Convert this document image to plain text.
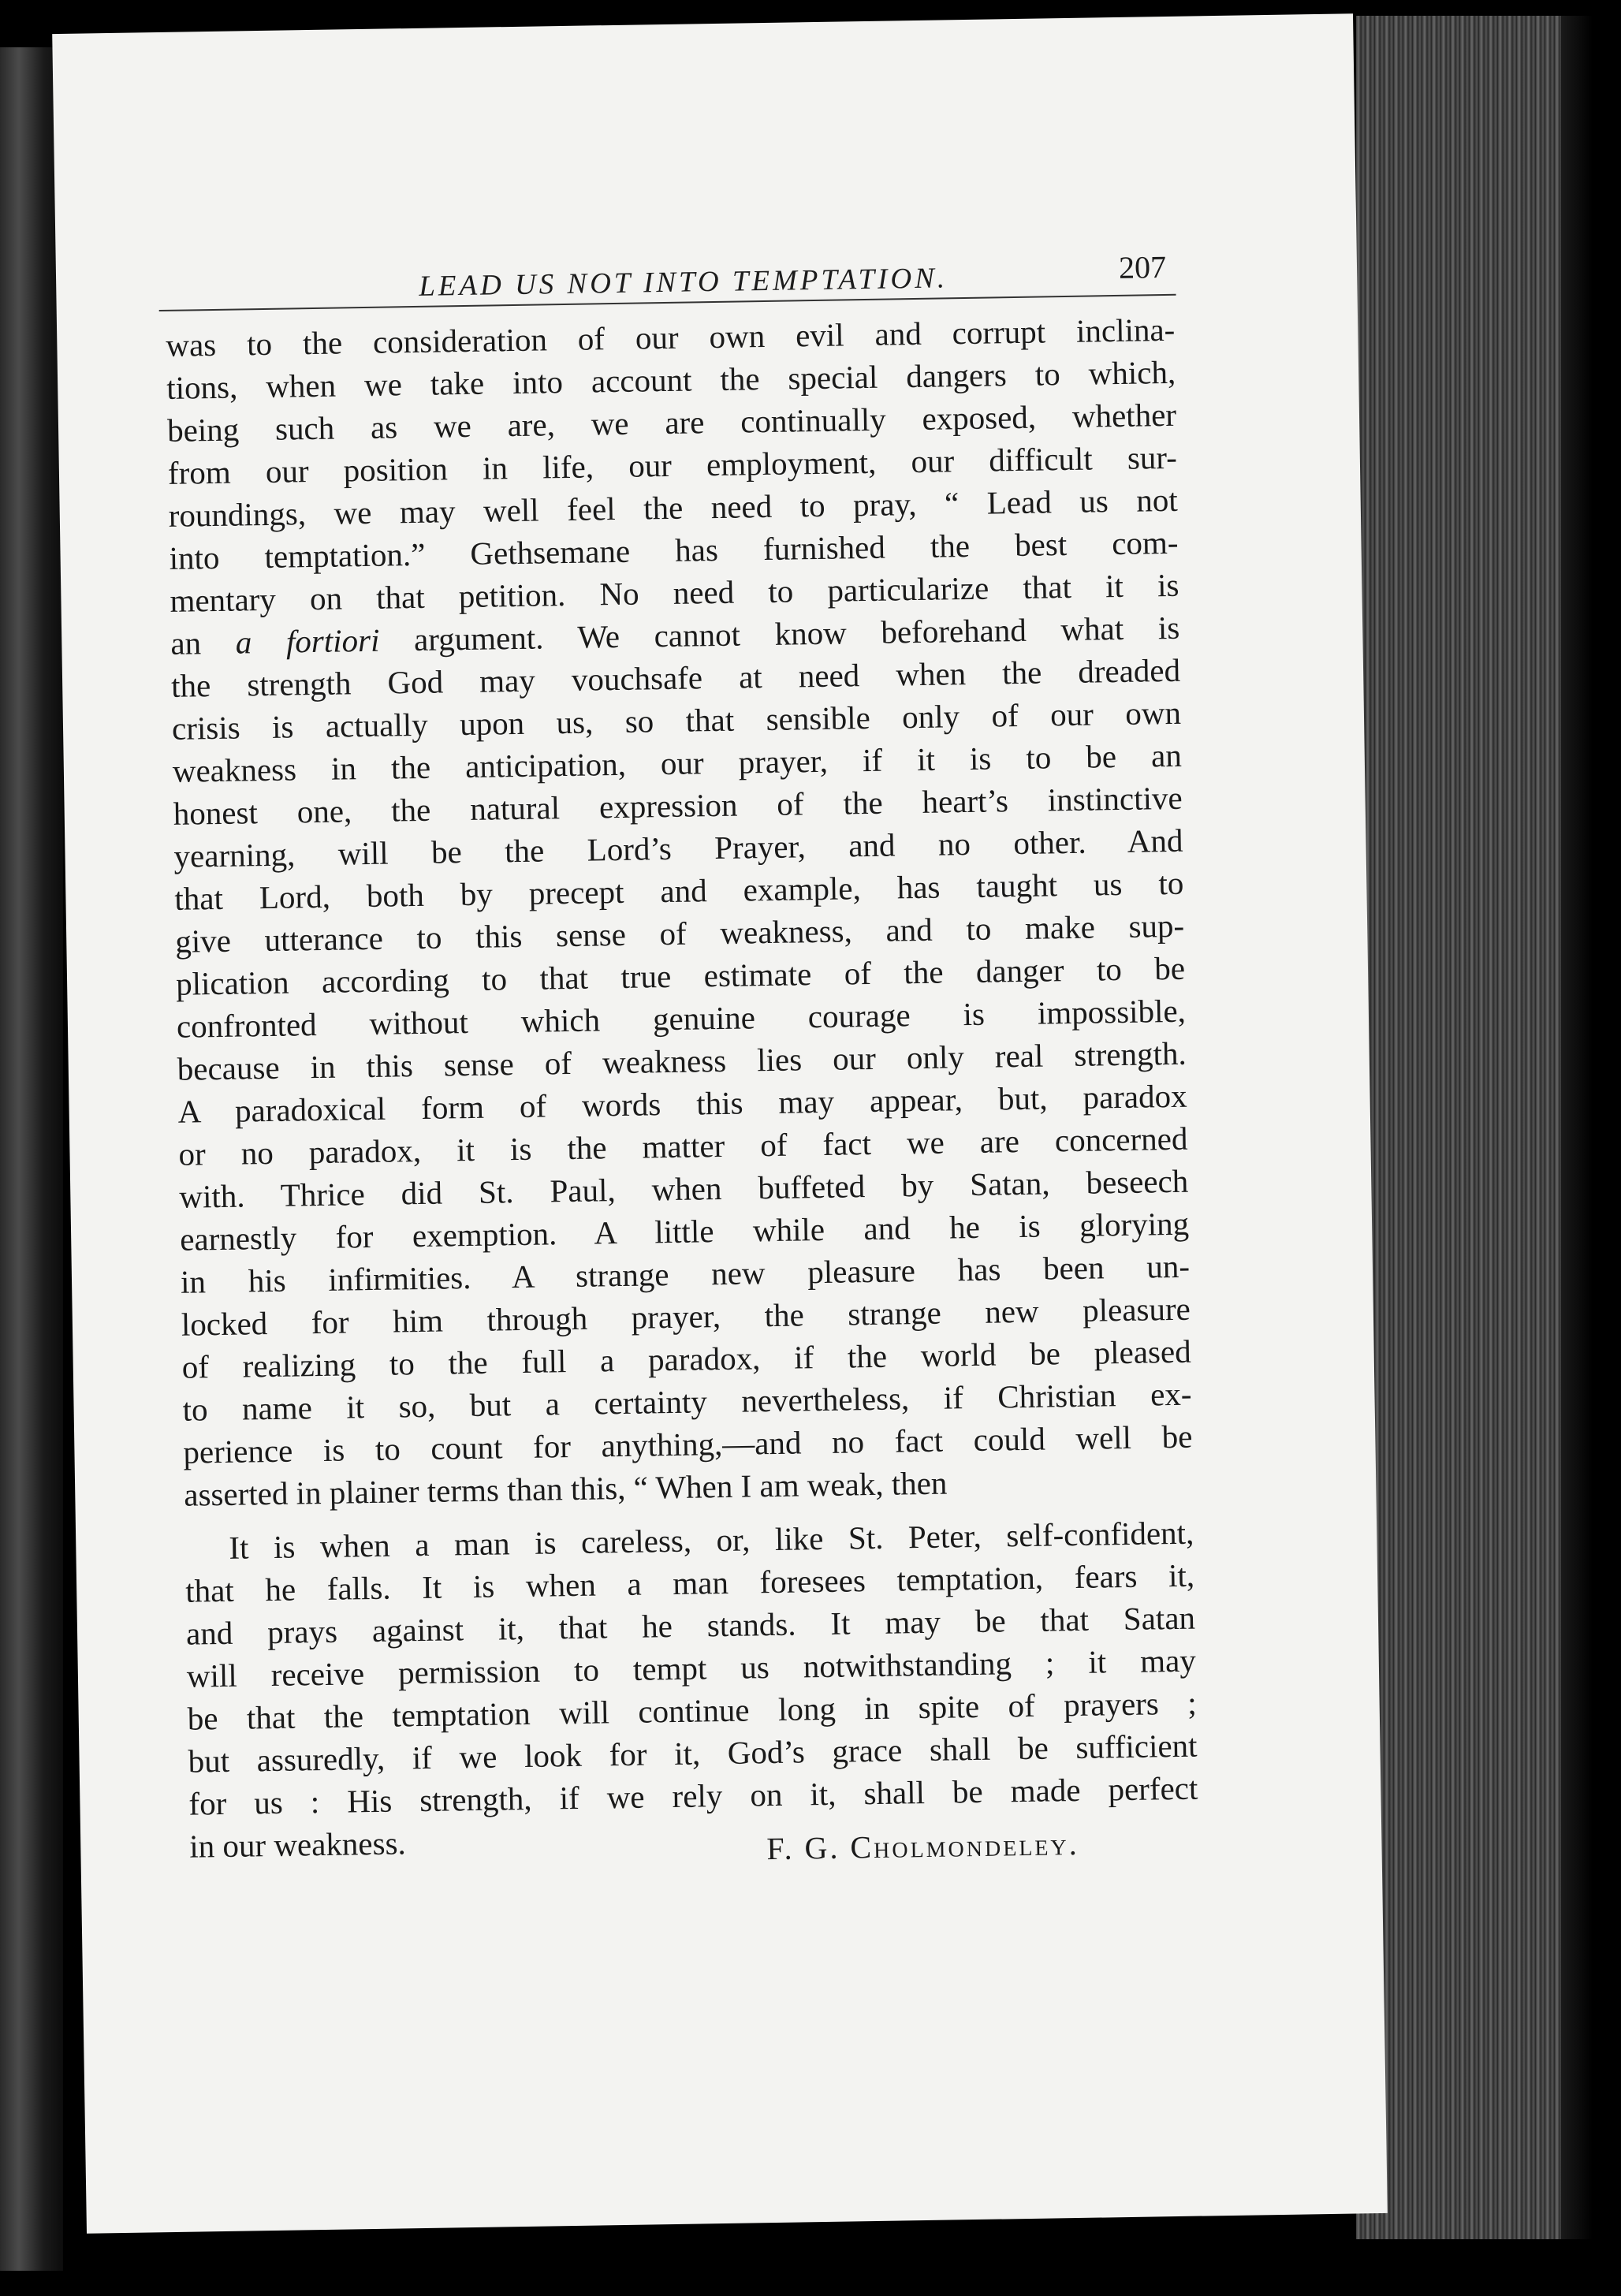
LEAD US NOT INTO TEMPTATION.	207
was to the consideration of our own evil and corrupt inclina-
tions, when we take into account the special dangers to which,
being such as we are, we are continually exposed, whether
from our position in life, our employment, our difficult sur-
roundings, we may well feel the need to pray, “ Lead us not
into temptation.” Gethsemane has furnished the best com-
mentary on that petition. No need to particularize that it is
an a fortiori argument. We cannot know beforehand what is
the strength God may vouchsafe at need when the dreaded
crisis is actually upon us, so that sensible only of our own
weakness in the anticipation, our prayer, if it is to be an
honest one, the natural expression of the heart’s instinctive
yearning, will be the Lord’s Prayer, and no other. And
that Lord, both by precept and example, has taught us to
give utterance to this sense of weakness, and to make sup-
plication according to that true estimate of the danger to be
confronted without which genuine courage is impossible,
because in this sense of weakness lies our only real strength.
A paradoxical form of words this may appear, but, paradox
or no paradox, it is the matter of fact we are concerned
with. Thrice did St. Paul, when buffeted by Satan, beseech
earnestly for exemption. A little while and he is glorying
in his infirmities. A strange new pleasure has been un-
locked for him through prayer, the strange new pleasure
of realizing to the full a paradox, if the world be pleased
to name it so, but a certainty nevertheless, if Christian ex-
perience is to count for anything,—and no fact could well be
asserted in plainer terms than this, “ When I am weak, then
It is when a man is careless, or, like St. Peter, self-confident,
that he falls. It is when a man foresees temptation, fears it,
and prays against it, that he stands. It may be that Satan
will receive permission to tempt us notwithstanding ; it may
be that the temptation will continue long in spite of prayers ;
but assuredly, if we look for it, God’s grace shall be sufficient
for us : His strength, if we rely on it, shall be made perfect
in our weakness.	F. G. Cholmondeley.
